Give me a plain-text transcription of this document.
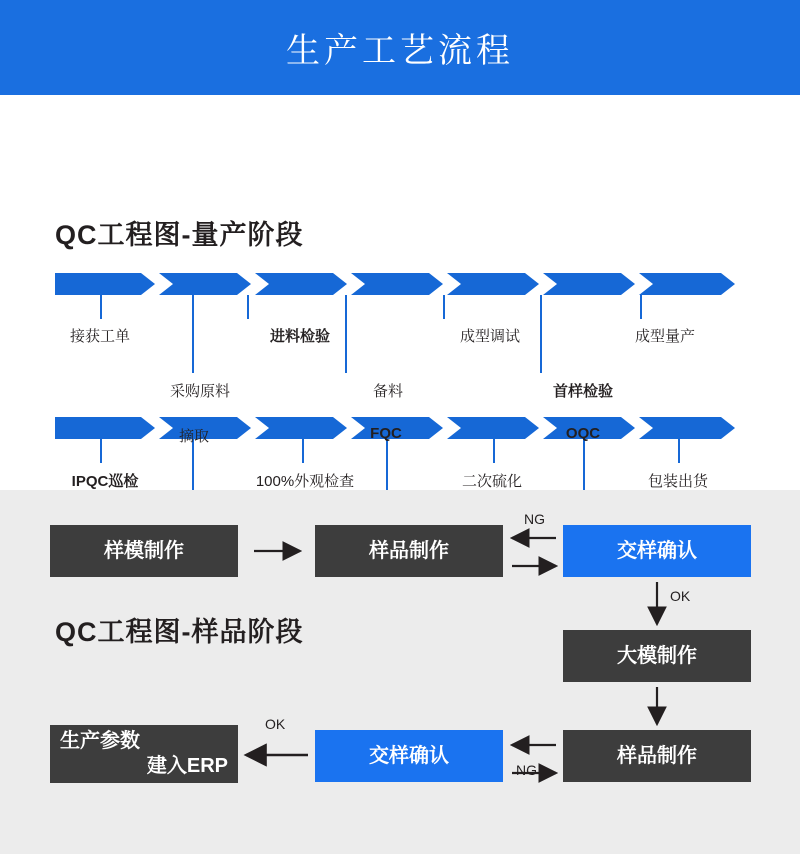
生产工艺流程
QC工程图-量产阶段
接获工单	进料检验	成型调试	成型量产
采购原料	备料	首样检验
IPQC巡检	100%外观检查	二次硫化	包装出货
摘取	FQC	OQC
QC工程图-样品阶段
样模制作	样品制作	交样确认
大模制作
样品制作
交样确认
生产参数
建入ERP
NG
OK
NG
OK
